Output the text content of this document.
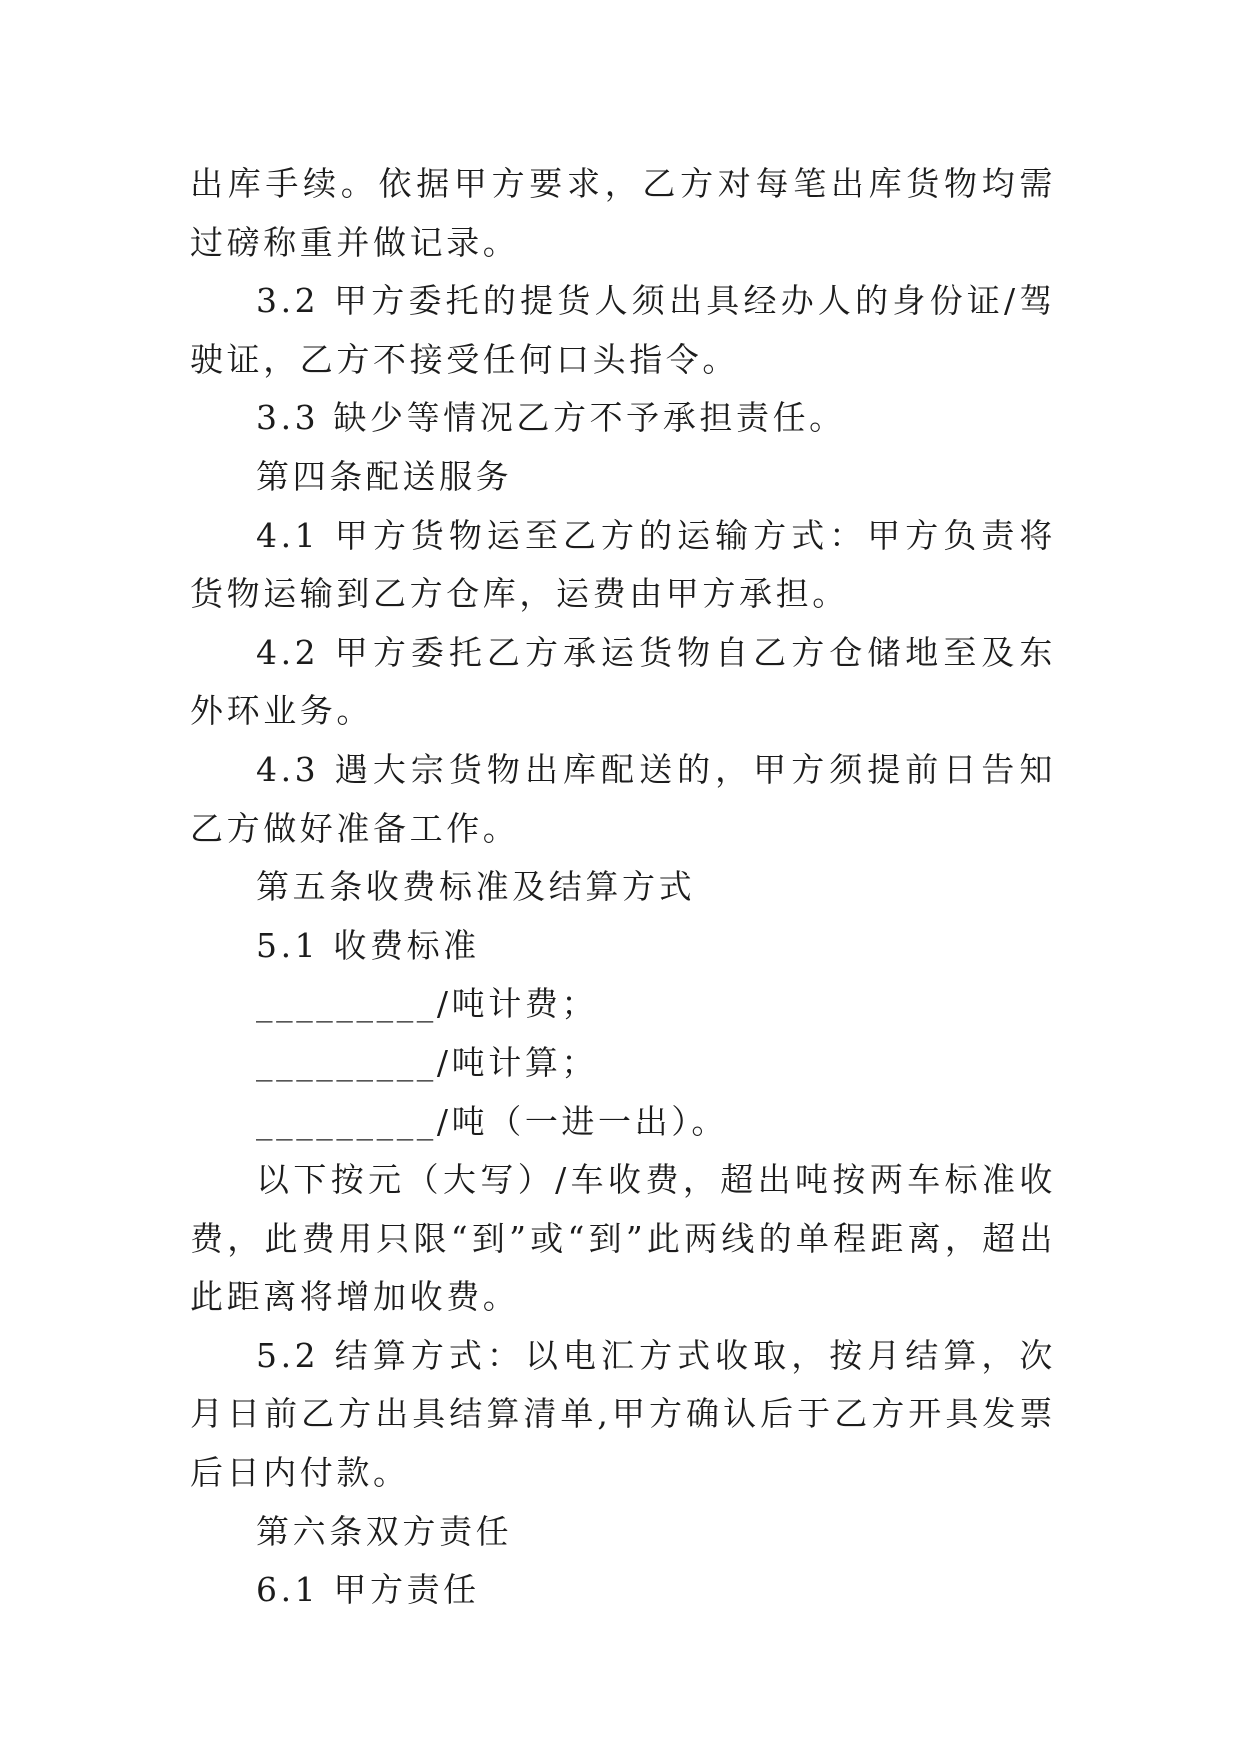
出库手续。依据甲方要求，乙方对每笔出库货物均需过磅称重并做记录。

3.2 甲方委托的提货人须出具经办人的身份证/驾驶证，乙方不接受任何口头指令。

3.3 缺少等情况乙方不予承担责任。

第四条配送服务

4.1 甲方货物运至乙方的运输方式：甲方负责将货物运输到乙方仓库，运费由甲方承担。

4.2 甲方委托乙方承运货物自乙方仓储地至及东外环业务。

4.3 遇大宗货物出库配送的，甲方须提前日告知乙方做好准备工作。

第五条收费标准及结算方式

5.1 收费标准

_________/吨计费；

_________/吨计算；

_________/吨（一进一出）。

以下按元（大写）/车收费，超出吨按两车标准收费，此费用只限“到”或“到”此两线的单程距离，超出此距离将增加收费。

5.2 结算方式：以电汇方式收取，按月结算，次月日前乙方出具结算清单,甲方确认后于乙方开具发票后日内付款。

第六条双方责任

6.1 甲方责任
